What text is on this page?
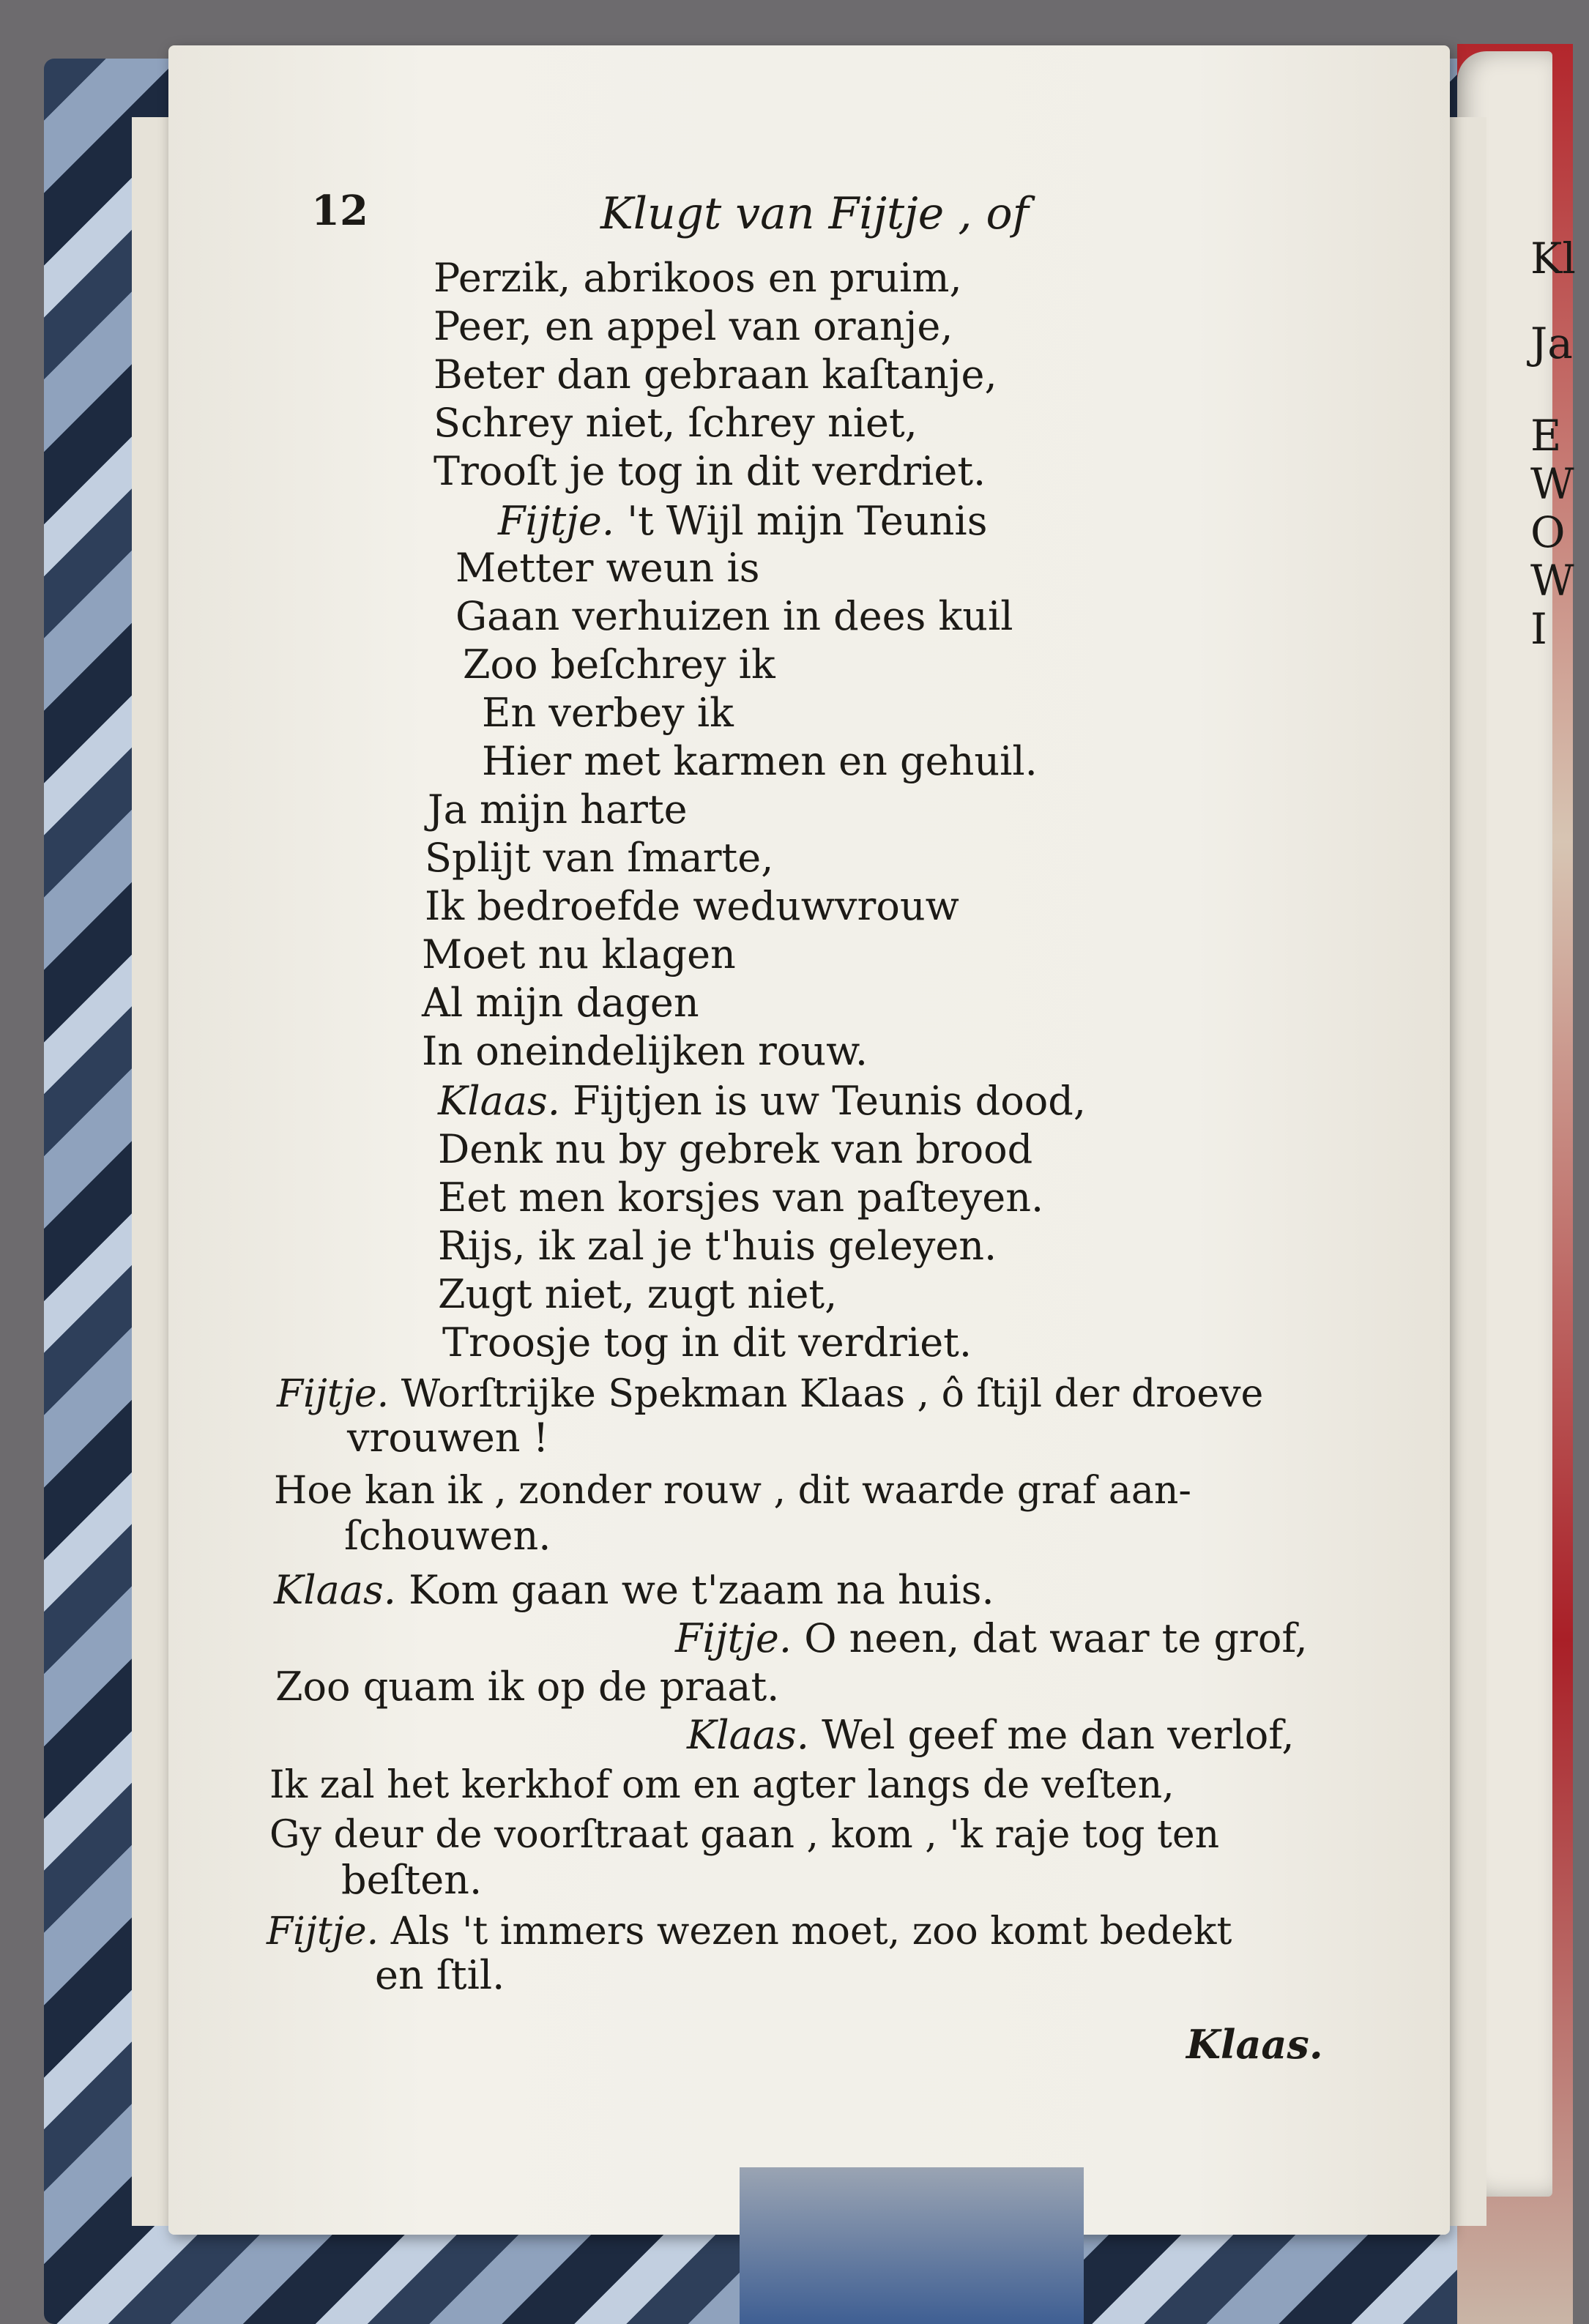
Kl
Ja
E
W
O
W
I
12	Klugt van Fijtje , of
Perzik, abrikoos en pruim,
Peer, en appel van oranje,
Beter dan gebraan kaſtanje,
Schrey niet, ſchrey niet,
Trooſt je tog in dit verdriet.
Fijtje. 't Wijl mijn Teunis
Metter weun is
Gaan verhuizen in dees kuil
Zoo beſchrey ik
En verbey ik
Hier met karmen en gehuil.
Ja mijn harte
Splijt van ſmarte,
Ik bedroefde weduwvrouw
Moet nu klagen
Al mijn dagen
In oneindelijken rouw.
Klaas. Fijtjen is uw Teunis dood,
Denk nu by gebrek van brood
Eet men korsjes van paſteyen.
Rijs, ik zal je t'huis geleyen.
Zugt niet, zugt niet,
Troosje tog in dit verdriet.
Fijtje. Worſtrijke Spekman Klaas , ô ſtijl der droeve
vrouwen !
Hoe kan ik , zonder rouw , dit waarde graf aan-
ſchouwen.
Klaas. Kom gaan we t'zaam na huis.
Fijtje. O neen, dat waar te grof,
Zoo quam ik op de praat.
Klaas. Wel geef me dan verlof,
Ik zal het kerkhof om en agter langs de veſten,
Gy deur de voorſtraat gaan , kom , 'k raje tog ten
beſten.
Fijtje. Als 't immers wezen moet, zoo komt bedekt
en ſtil.
Klaas.
